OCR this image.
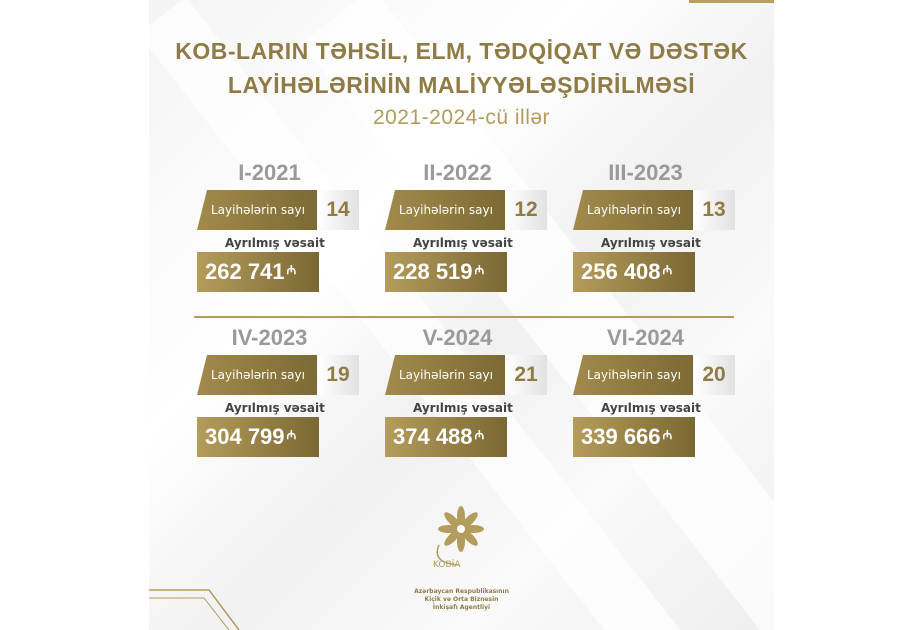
KOB-LARIN TƏHSİL, ELM, TƏDQİQAT VƏ DƏSTƏK
LAYİHƏLƏRİNİN MALİYYƏLƏŞDİRİLMƏSİ
2021-2024-cü illər
I-2021
Layihələrin sayı	14
Ayrılmış vəsait
262 741 ₼
II-2022
Layihələrin sayı	12
Ayrılmış vəsait
228 519 ₼
III-2023
Layihələrin sayı	13
Ayrılmış vəsait
256 408 ₼
IV-2023
Layihələrin sayı	19
Ayrılmış vəsait
304 799 ₼
V-2024
Layihələrin sayı	21
Ayrılmış vəsait
374 488 ₼
VI-2024
Layihələrin sayı	20
Ayrılmış vəsait
339 666 ₼
KOBİA
Azərbaycan Respublikasının
Kiçik və Orta Biznesin
İnkişafı Agentliyi
